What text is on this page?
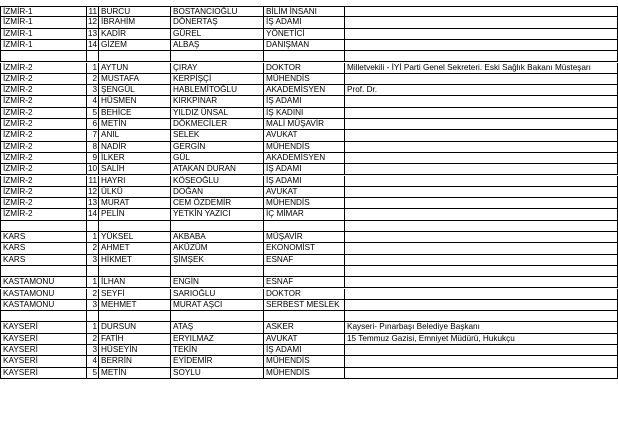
İZMİR-1	11 BURCU	BOSTANCIOĞLU	BİLİM İNSANI
İZMİR-1	12 İBRAHİM	DÖNERTAŞ	İŞ ADAMI
İZMİR-1	13 KADİR	GÜREL	YÖNETİCİ
İZMİR-1	14 GİZEM	ALBAŞ	DANIŞMAN
İZMİR-2	1 AYTUN	ÇIRAY	DOKTOR	Milletvekili - İYİ Parti Genel Sekreteri. Eski Sağlık Bakanı Müsteşarı
İZMİR-2	2 MUSTAFA	KERPİŞÇİ	MÜHENDİS
İZMİR-2	3 ŞENGÜL	HABLEMİTOĞLU	AKADEMİSYEN	Prof. Dr.
İZMİR-2	4 HÜSMEN	KIRKPINAR	İŞ ADAMI
İZMİR-2	5 BEHİCE	YILDIZ ÜNSAL	İŞ KADINI
İZMİR-2	6 METİN	DÖKMECİLER	MALİ MÜŞAVİR
İZMİR-2	7 ANIL	SELEK	AVUKAT
İZMİR-2	8 NADİR	GERGİN	MÜHENDİS
İZMİR-2	9 İLKER	GÜL	AKADEMİSYEN
İZMİR-2	10 SALİH	ATAKAN DURAN	İŞ ADAMI
İZMİR-2	11 HAYRI	KÖSEOĞLU	İŞ ADAMI
İZMİR-2	12 ÜLKÜ	DOĞAN	AVUKAT
İZMİR-2	13 MURAT	CEM ÖZDEMİR	MÜHENDİS
İZMİR-2	14 PELİN	YETKİN YAZICI	İÇ MİMAR
KARS	1 YÜKSEL	AKBABA	MÜŞAVİR
KARS	2 AHMET	AKÜZÜM	EKONOMİST
KARS	3 HİKMET	ŞİMŞEK	ESNAF
KASTAMONU	1 İLHAN	ENGİN	ESNAF
KASTAMONU	2 SEYFİ	SARIOĞLU	DOKTOR
KASTAMONU	3 MEHMET	MURAT AŞCI	SERBEST MESLEK
KAYSERİ	1 DURSUN	ATAŞ	ASKER	Kayseri- Pınarbaşı Belediye Başkanı
KAYSERİ	2 FATİH	ERYILMAZ	AVUKAT	15 Temmuz Gazisi, Emniyet Müdürü, Hukukçu
KAYSERİ	3 HÜSEYİN	TEKİN	İŞ ADAMI
KAYSERİ	4 BERRİN	EYİDEMİR	MÜHENDİS
KAYSERİ	5 METİN	SOYLU	MÜHENDİS
